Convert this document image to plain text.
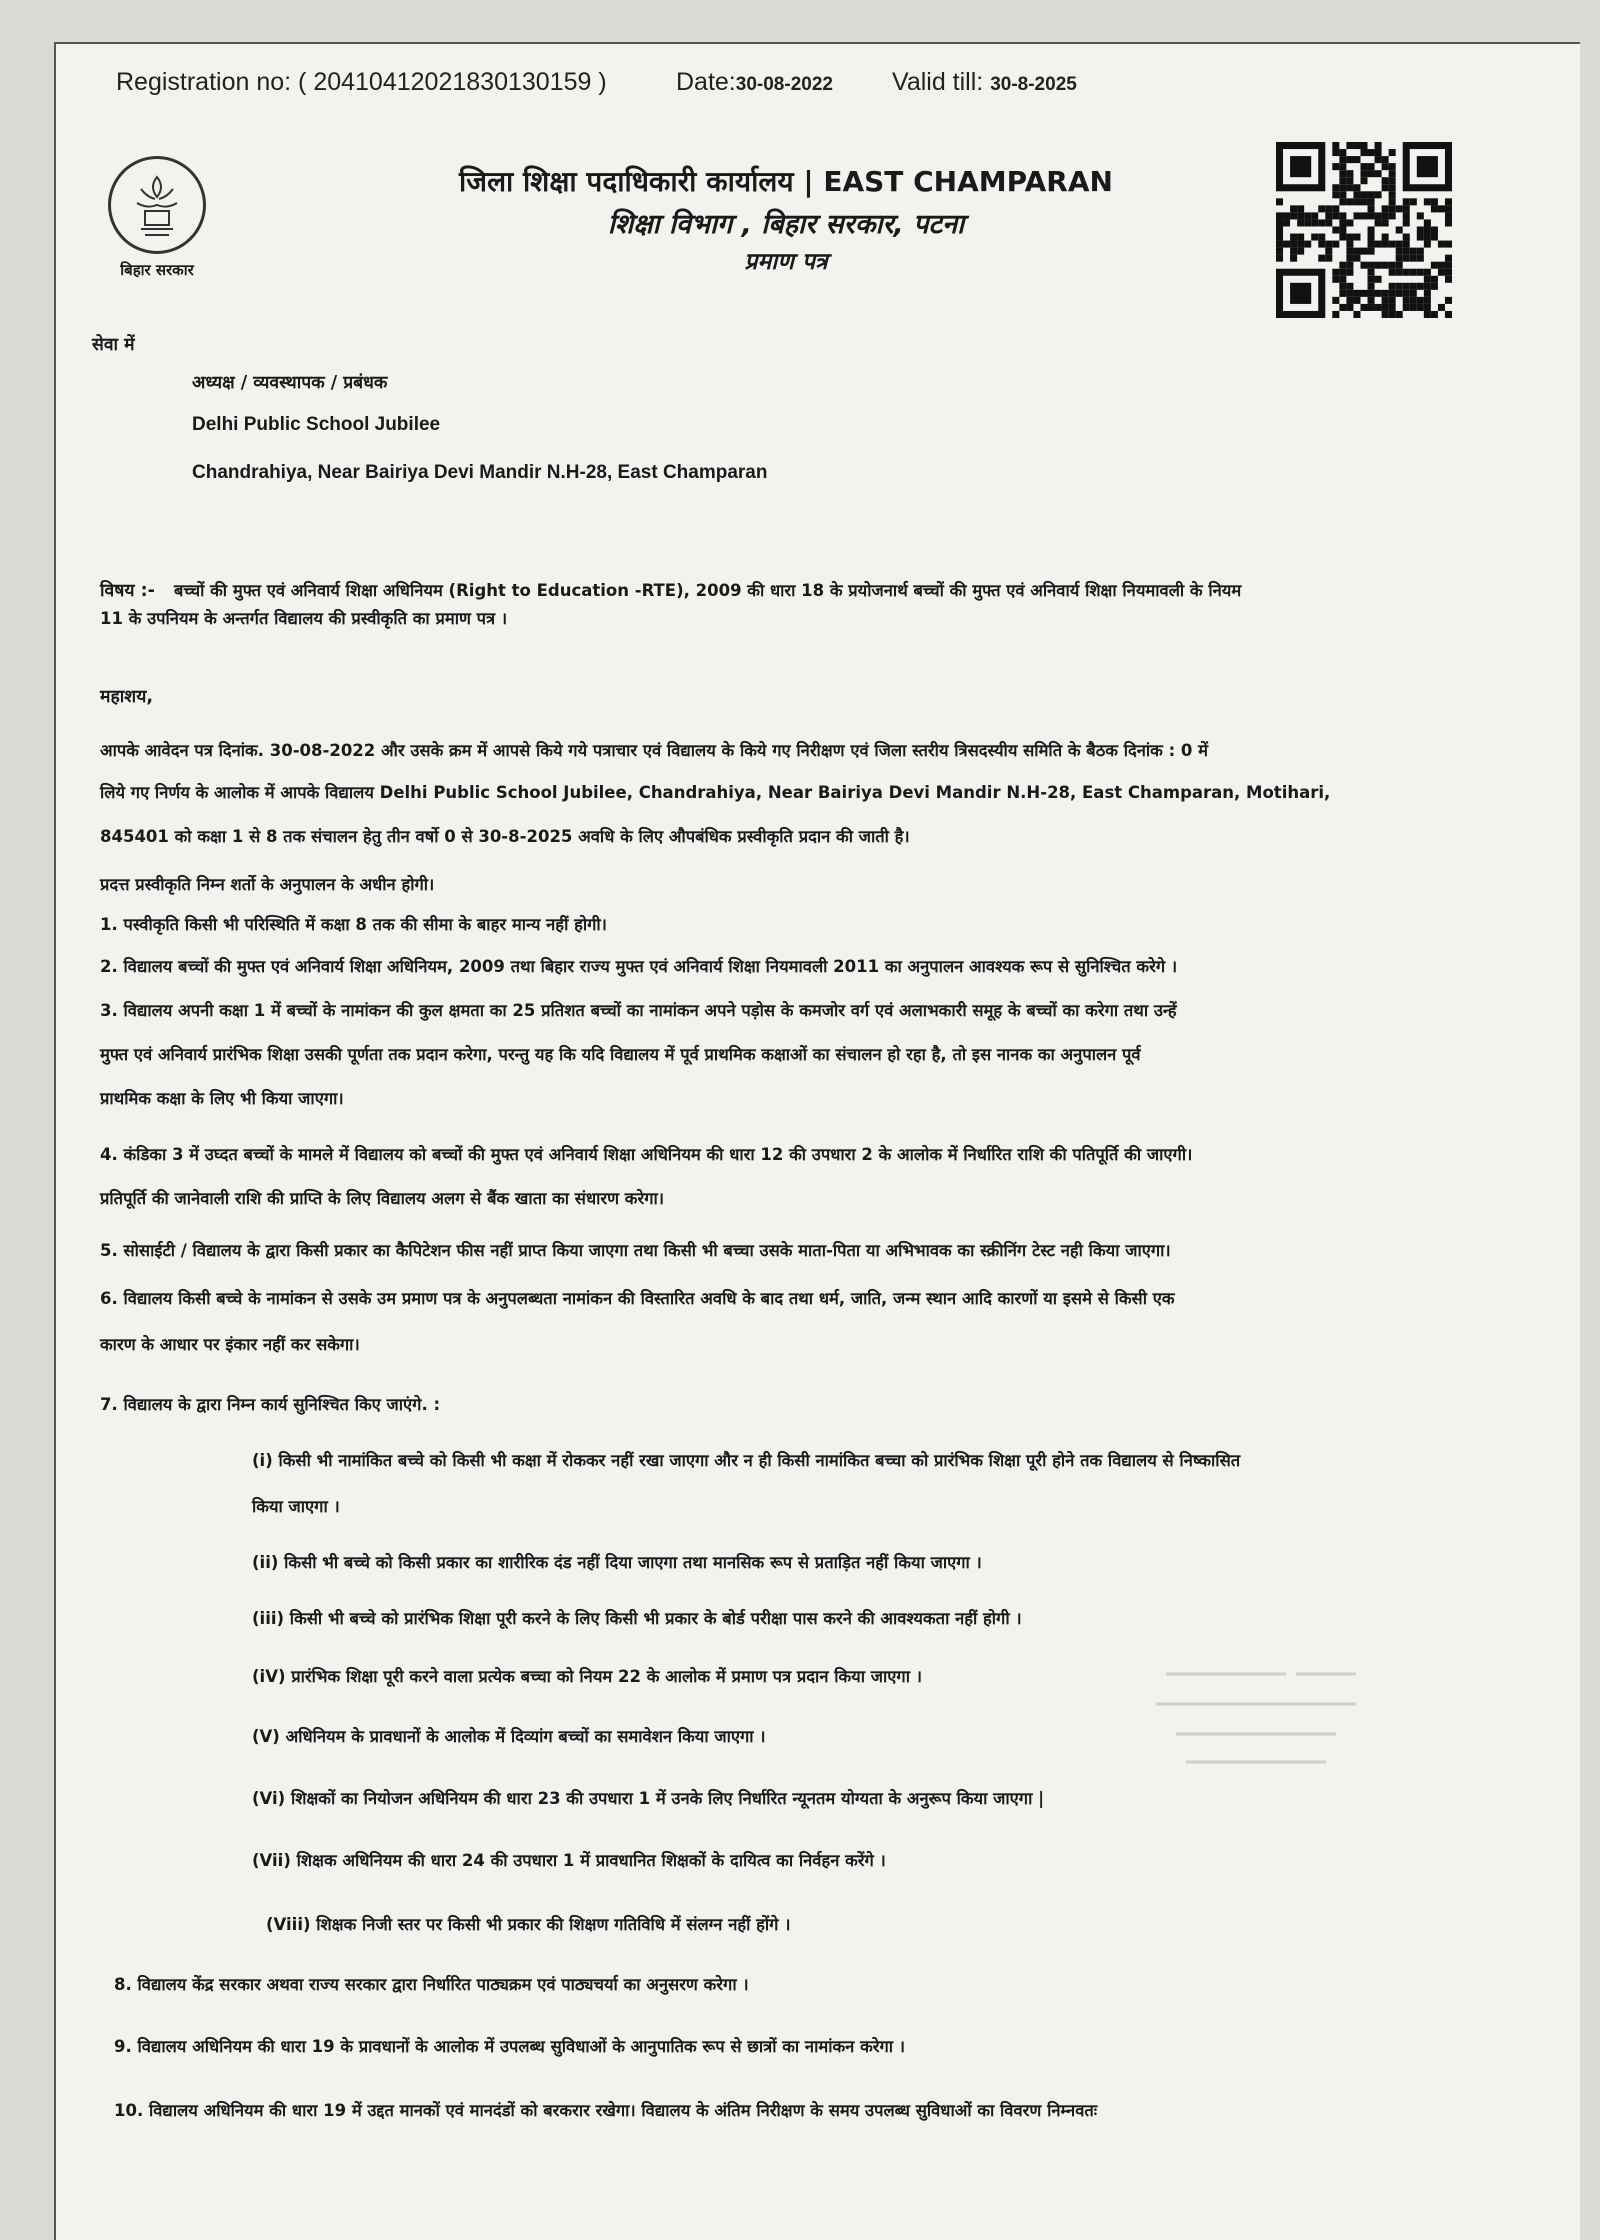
Registration no: ( 20410412021830130159 )	Date:30-08-2022 Valid till: 30-8-2025
बिहार सरकार
जिला शिक्षा पदाधिकारी कार्यालय | EAST CHAMPARAN
शिक्षा विभाग , बिहार सरकार, पटना
प्रमाण पत्र
सेवा में
अध्यक्ष / व्यवस्थापक / प्रबंधक
Delhi Public School Jubilee
Chandrahiya, Near Bairiya Devi Mandir N.H-28, East Champaran
विषय :- बच्चों की मुफ्त एवं अनिवार्य शिक्षा अधिनियम (Right to Education -RTE), 2009 की धारा 18 के प्रयोजनार्थ बच्चों की मुफ्त एवं अनिवार्य शिक्षा नियमावली के नियम
11 के उपनियम के अन्तर्गत विद्यालय की प्रस्वीकृति का प्रमाण पत्र ।
महाशय,
आपके आवेदन पत्र दिनांक. 30-08-2022 और उसके क्रम में आपसे किये गये पत्राचार एवं विद्यालय के किये गए निरीक्षण एवं जिला स्तरीय त्रिसदस्यीय समिति के बैठक दिनांक : 0 में
लिये गए निर्णय के आलोक में आपके विद्यालय Delhi Public School Jubilee, Chandrahiya, Near Bairiya Devi Mandir N.H-28, East Champaran, Motihari,
845401 को कक्षा 1 से 8 तक संचालन हेतु तीन वर्षो 0 से 30-8-2025 अवधि के लिए औपबंधिक प्रस्वीकृति प्रदान की जाती है।
प्रदत्त प्रस्वीकृति निम्न शर्तो के अनुपालन के अधीन होगी।
1. पस्वीकृति किसी भी परिस्थिति में कक्षा 8 तक की सीमा के बाहर मान्य नहीं होगी।
2. विद्यालय बच्चों की मुफ्त एवं अनिवार्य शिक्षा अधिनियम, 2009 तथा बिहार राज्य मुफ्त एवं अनिवार्य शिक्षा नियमावली 2011 का अनुपालन आवश्यक रूप से सुनिश्चित करेगे ।
3. विद्यालय अपनी कक्षा 1 में बच्चों के नामांकन की कुल क्षमता का 25 प्रतिशत बच्चों का नामांकन अपने पड़ोस के कमजोर वर्ग एवं अलाभकारी समूह के बच्चों का करेगा तथा उन्हें
मुफ्त एवं अनिवार्य प्रारंभिक शिक्षा उसकी पूर्णता तक प्रदान करेगा, परन्तु यह कि यदि विद्यालय में पूर्व प्राथमिक कक्षाओं का संचालन हो रहा है, तो इस नानक का अनुपालन पूर्व
प्राथमिक कक्षा के लिए भी किया जाएगा।
4. कंडिका 3 में उघ्दत बच्चों के मामले में विद्यालय को बच्चों की मुफ्त एवं अनिवार्य शिक्षा अधिनियम की धारा 12 की उपधारा 2 के आलोक में निर्धारित राशि की पतिपूर्ति की जाएगी।
प्रतिपूर्ति की जानेवाली राशि की प्राप्ति के लिए विद्यालय अलग से बैंक खाता का संधारण करेगा।
5. सोसाईटी / विद्यालय के द्वारा किसी प्रकार का कैपिटेशन फीस नहीं प्राप्त किया जाएगा तथा किसी भी बच्चा उसके माता-पिता या अभिभावक का स्क्रीनिंग टेस्ट नही किया जाएगा।
6. विद्यालय किसी बच्चे के नामांकन से उसके उम प्रमाण पत्र के अनुपलब्धता नामांकन की विस्तारित अवधि के बाद तथा धर्म, जाति, जन्म स्थान आदि कारणों या इसमे से किसी एक
कारण के आधार पर इंकार नहीं कर सकेगा।
7. विद्यालय के द्वारा निम्न कार्य सुनिश्चित किए जाएंगे. :
(i) किसी भी नामांकित बच्चे को किसी भी कक्षा में रोककर नहीं रखा जाएगा और न ही किसी नामांकित बच्चा को प्रारंभिक शिक्षा पूरी होने तक विद्यालय से निष्कासित
किया जाएगा ।
(ii) किसी भी बच्चे को किसी प्रकार का शारीरिक दंड नहीं दिया जाएगा तथा मानसिक रूप से प्रताड़ित नहीं किया जाएगा ।
(iii) किसी भी बच्चे को प्रारंभिक शिक्षा पूरी करने के लिए किसी भी प्रकार के बोर्ड परीक्षा पास करने की आवश्यकता नहीं होगी ।
(iV) प्रारंभिक शिक्षा पूरी करने वाला प्रत्येक बच्चा को नियम 22 के आलोक में प्रमाण पत्र प्रदान किया जाएगा ।
(V) अधिनियम के प्रावधानों के आलोक में दिव्यांग बच्चों का समावेशन किया जाएगा ।
(Vi) शिक्षकों का नियोजन अधिनियम की धारा 23 की उपधारा 1 में उनके लिए निर्धारित न्यूनतम योग्यता के अनुरूप किया जाएगा |
(Vii) शिक्षक अधिनियम की धारा 24 की उपधारा 1 में प्रावधानित शिक्षकों के दायित्व का निर्वहन करेंगे ।
(Viii) शिक्षक निजी स्तर पर किसी भी प्रकार की शिक्षण गतिविधि में संलग्न नहीं होंगे ।
8. विद्यालय केंद्र सरकार अथवा राज्य सरकार द्वारा निर्धारित पाठ्यक्रम एवं पाठ्यचर्या का अनुसरण करेगा ।
9. विद्यालय अधिनियम की धारा 19 के प्रावधानों के आलोक में उपलब्ध सुविधाओं के आनुपातिक रूप से छात्रों का नामांकन करेगा ।
10. विद्यालय अधिनियम की धारा 19 में उद्दत मानकों एवं मानदंडों को बरकरार रखेगा। विद्यालय के अंतिम निरीक्षण के समय उपलब्ध सुविधाओं का विवरण निम्नवतः
